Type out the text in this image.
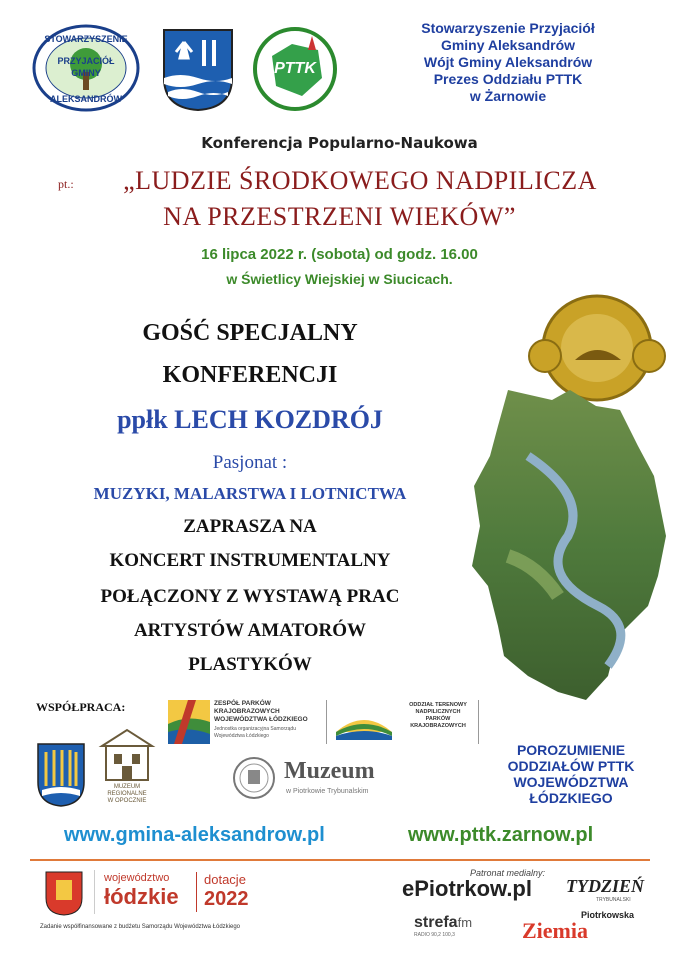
STOWARZYSZENIE
PRZYJACIÓŁ
GMINY
ALEKSANDRÓW
PTTK
Stowarzyszenie Przyjaciół
Gminy Aleksandrów
Wójt Gminy Aleksandrów
Prezes Oddziału PTTK
w Żarnowie
Konferencja Popularno-Naukowa
pt.:	„LUDZIE ŚRODKOWEGO NADPILICZA
NA PRZESTRZENI WIEKÓW”
16 lipca 2022 r. (sobota) od godz. 16.00
w Świetlicy Wiejskiej w Siucicach.
GOŚĆ SPECJALNY
KONFERENCJI
ppłk LECH KOZDRÓJ
Pasjonat :
MUZYKI, MALARSTWA I LOTNICTWA
ZAPRASZA NA
KONCERT INSTRUMENTALNY
POŁĄCZONY Z WYSTAWĄ PRAC
ARTYSTÓW AMATORÓW
PLASTYKÓW
WSPÓŁPRACA:	ZESPÓŁ PARKÓW
KRAJOBRAZOWYCH
WOJEWÓDZTWA ŁÓDZKIEGO
Jednostka organizacyjna Samorządu
Województwa Łódzkiego
ODDZIAŁ TERENOWY
NADPILICZNYCH
PARKÓW
KRAJOBRAZOWYCH
MUZEUM
REGIONALNE
W OPOCZNIE
Muzeum
w Piotrkowie Trybunalskim
POROZUMIENIE
ODDZIAŁÓW PTTK
WOJEWÓDZTWA
ŁÓDZKIEGO
www.gmina-aleksandrow.pl	www.pttk.zarnow.pl
województwo
łódzkie
dotacje
2022
Zadanie współfinansowane z budżetu Samorządu Województwa Łódzkiego
Patronat medialny:
ePiotrkow.pl TYDZIEŃ
TRYBUNALSKI
strefafm
RADIO 90,2 100,3
Piotrkowska
Ziemia
